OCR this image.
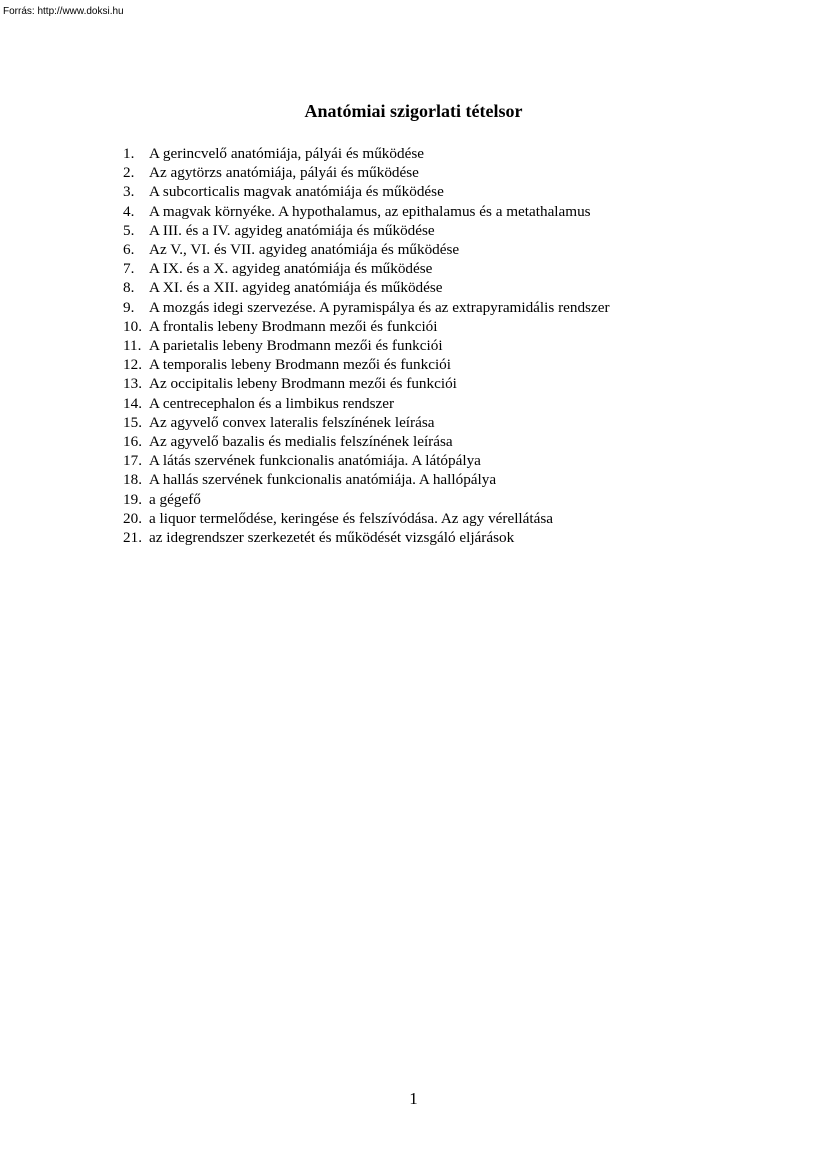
Forrás: http://www.doksi.hu
Anatómiai szigorlati tételsor
1. A gerincvelő anatómiája, pályái és működése
2. Az agytörzs anatómiája, pályái és működése
3. A subcorticalis magvak anatómiája és működése
4. A magvak környéke. A hypothalamus, az epithalamus és a metathalamus
5. A III. és a IV. agyideg anatómiája és működése
6. Az V., VI. és VII. agyideg anatómiája és működése
7. A IX. és a X. agyideg anatómiája és működése
8. A XI. és a XII. agyideg anatómiája és működése
9. A mozgás idegi szervezése. A pyramispálya és az extrapyramidális rendszer
10. A frontalis lebeny Brodmann mezői és funkciói
11. A parietalis lebeny Brodmann mezői és funkciói
12. A temporalis lebeny Brodmann mezői és funkciói
13. Az occipitalis lebeny Brodmann mezői és funkciói
14. A centrecephalon és a limbikus rendszer
15. Az agyvelő convex lateralis felszínének leírása
16. Az agyvelő bazalis és medialis felszínének leírása
17. A látás szervének funkcionalis anatómiája. A látópálya
18. A hallás szervének funkcionalis anatómiája. A hallópálya
19. a gégefő
20. a liquor termelődése, keringése és felszívódása. Az agy vérellátása
21. az idegrendszer szerkezetét és működését vizsgáló eljárások
1
